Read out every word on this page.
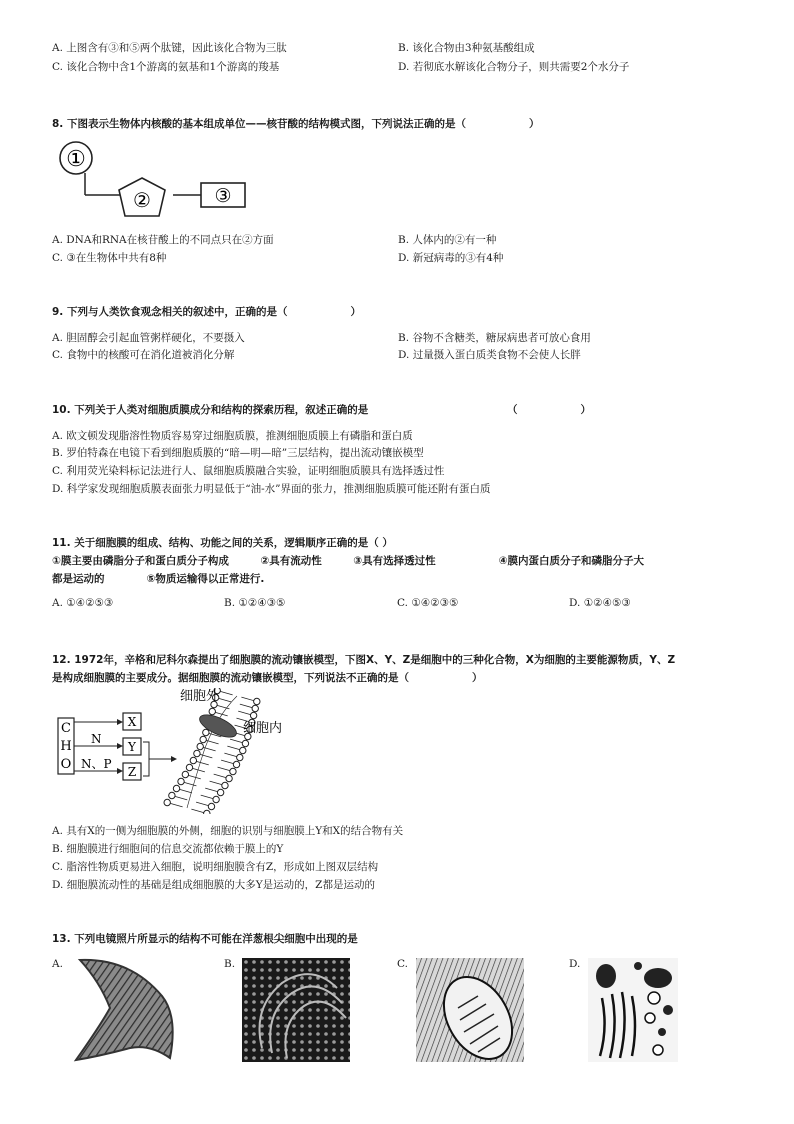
A. 上图含有③和⑤两个肽键，因此该化合物为三肽	B. 该化合物由3种氨基酸组成
C. 该化合物中含1个游离的氨基和1个游离的羧基	D. 若彻底水解该化合物分子，则共需要2个水分子
8. 下图表示生物体内核酸的基本组成单位——核苷酸的结构模式图，下列说法正确的是（　　　　　　）
①
②	③
A. DNA和RNA在核苷酸上的不同点只在②方面	B. 人体内的②有一种
C. ③在生物体中共有8种	D. 新冠病毒的③有4种
9. 下列与人类饮食观念相关的叙述中，正确的是（　　　　　　）
A. 胆固醇会引起血管粥样硬化，不要摄入	B. 谷物不含糖类，糖尿病患者可放心食用
C. 食物中的核酸可在消化道被消化分解	D. 过量摄入蛋白质类食物不会使人长胖
10. 下列关于人类对细胞质膜成分和结构的探索历程，叙述正确的是	（　　　　　　）
A. 欧文顿发现脂溶性物质容易穿过细胞质膜，推测细胞质膜上有磷脂和蛋白质
B. 罗伯特森在电镜下看到细胞质膜的“暗—明—暗”三层结构，提出流动镶嵌模型
C. 利用荧光染料标记法进行人、鼠细胞质膜融合实验，证明细胞质膜具有选择透过性
D. 科学家发现细胞质膜表面张力明显低于“油-水”界面的张力，推测细胞质膜可能还附有蛋白质
11. 关于细胞膜的组成、结构、功能之间的关系，逻辑顺序正确的是（ ）
①膜主要由磷脂分子和蛋白质分子构成　　　②具有流动性　　　③具有选择透过性　　　　　　④膜内蛋白质分子和磷脂分子大
都是运动的　　　　⑤物质运输得以正常进行.
A. ①④②⑤③	B. ①②④③⑤	C. ①④②③⑤	D. ①②④⑤③
12. 1972年，辛格和尼科尔森提出了细胞膜的流动镶嵌模型，下图X、Y、Z是细胞中的三种化合物，X为细胞的主要能源物质，Y、Z
是构成细胞膜的主要成分。据细胞膜的流动镶嵌模型，下列说法不正确的是（　　　　　　）
C
H
O
N
N、P
X
Y
Z
细胞外
细胞内
A. 具有X的一侧为细胞膜的外侧，细胞的识别与细胞膜上Y和X的结合物有关
B. 细胞膜进行细胞间的信息交流都依赖于膜上的Y
C. 脂溶性物质更易进入细胞，说明细胞膜含有Z，形成如上图双层结构
D. 细胞膜流动性的基础是组成细胞膜的大多Y是运动的，Z都是运动的
13. 下列电镜照片所显示的结构不可能在洋葱根尖细胞中出现的是
A.	B.	C.	D.
